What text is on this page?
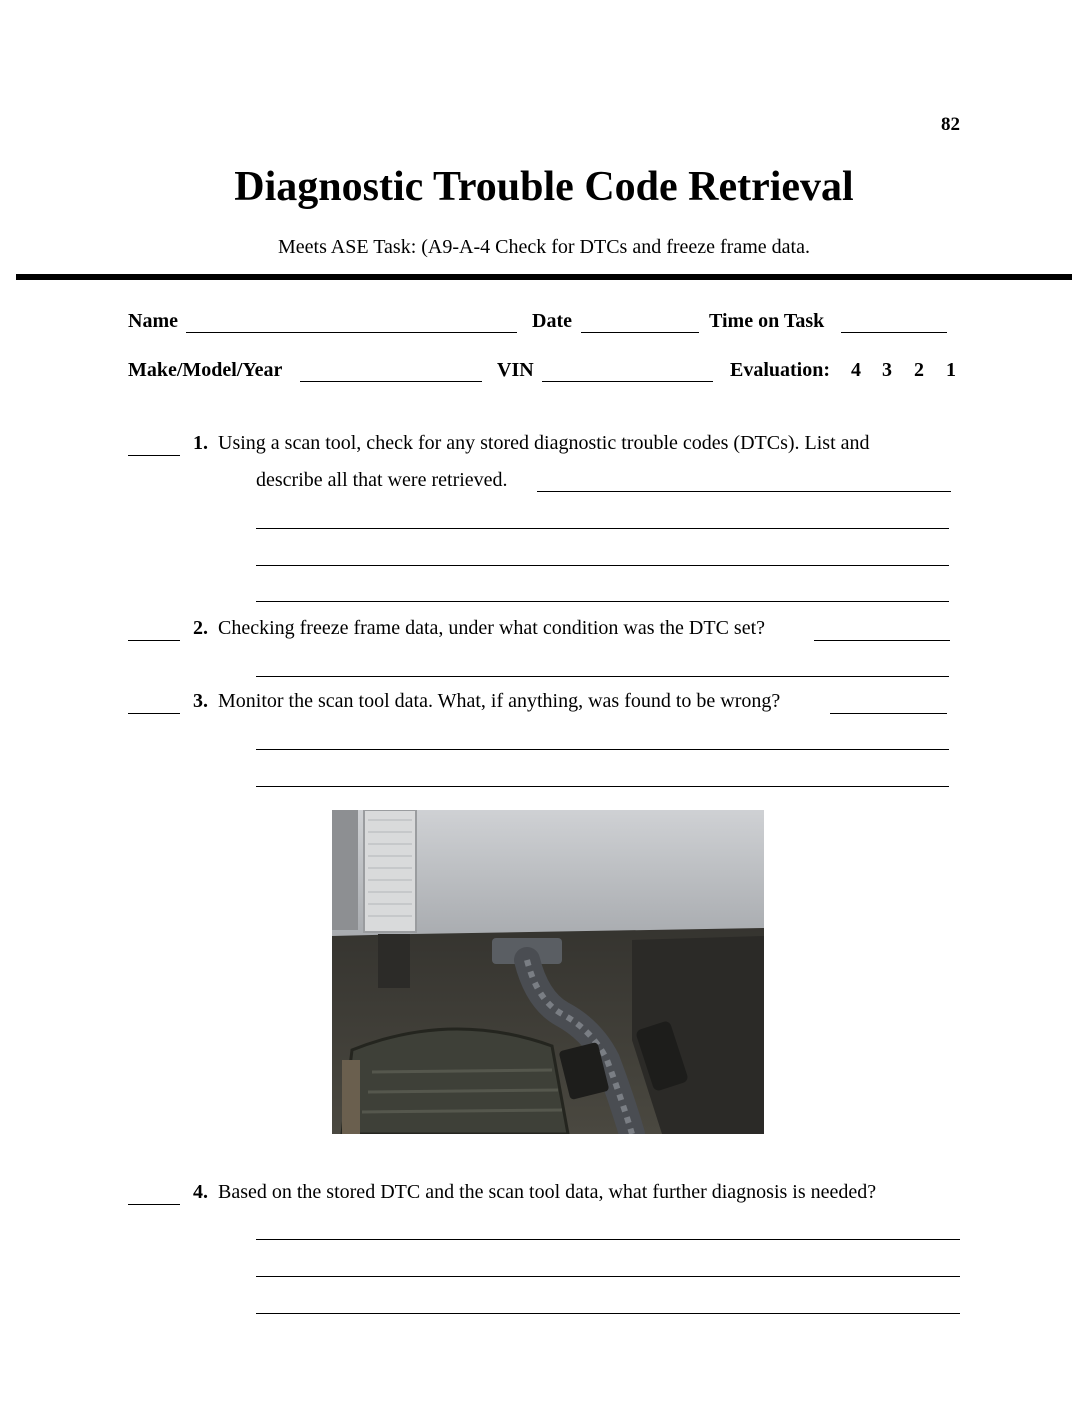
82
Diagnostic Trouble Code Retrieval
Meets ASE Task: (A9-A-4 Check for DTCs and freeze frame data.
Name	Date	Time on Task
Make/Model/Year	VIN	Evaluation: 4 3 2 1
1. Using a scan tool, check for any stored diagnostic trouble codes (DTCs). List and
describe all that were retrieved.
2. Checking freeze frame data, under what condition was the DTC set?
3. Monitor the scan tool data. What, if anything, was found to be wrong?
4. Based on the stored DTC and the scan tool data, what further diagnosis is needed?
